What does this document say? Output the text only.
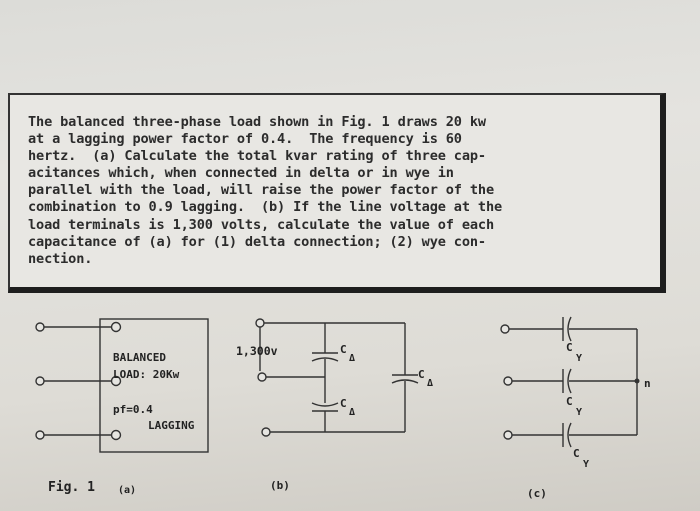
The balanced three-phase load shown in Fig. 1 draws 20 kw
at a lagging power factor of 0.4.  The frequency is 60
hertz.  (a) Calculate the total kvar rating of three cap-
acitances which, when connected in delta or in wye in
parallel with the load, will raise the power factor of the
combination to 0.9 lagging.  (b) If the line voltage at the
load terminals is 1,300 volts, calculate the value of each
capacitance of (a) for (1) delta connection; (2) wye con-
nection.
BALANCED
LOAD: 20Kw
pf=0.4
LAGGING
Fig. 1 (a)
1,300v	C
Δ
C
Δ
C
Δ
(b)
n
C
Y
C
Y
C
Y
(c)
